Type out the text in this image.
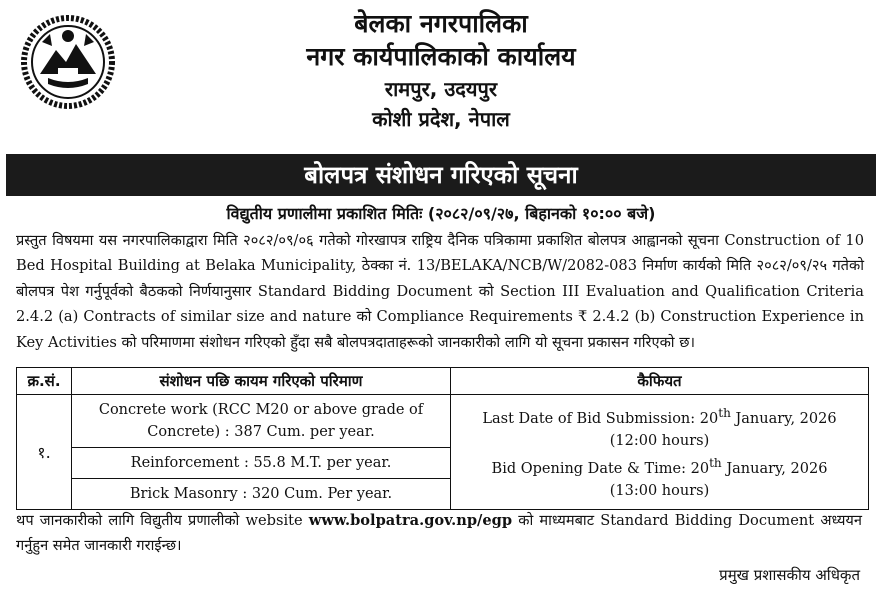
बेलका नगरपालिका
नगर कार्यपालिकाको कार्यालय
रामपुर, उदयपुर
कोशी प्रदेश, नेपाल
बोलपत्र संशोधन गरिएको सूचना
विद्युतीय प्रणालीमा प्रकाशित मितिः (२०८२/०९/२७, बिहानको १०:०० बजे)
प्रस्तुत विषयमा यस नगरपालिकाद्वारा मिति २०८२/०९/०६ गतेको गोरखापत्र राष्ट्रिय दैनिक पत्रिकामा प्रकाशित बोलपत्र आह्वानको सूचना Construction of 10 Bed Hospital Building at Belaka Municipality, ठेक्का नं. 13/BELAKA/NCB/W/2082-083 निर्माण कार्यको मिति २०८२/०९/२५ गतेको बोलपत्र पेश गर्नुपूर्वको बैठकको निर्णयानुसार Standard Bidding Document को Section III Evaluation and Qualification Criteria 2.4.2 (a) Contracts of similar size and nature को Compliance Requirements ₹ 2.4.2 (b) Construction Experience in Key Activities को परिमाणमा संशोधन गरिएको हुँदा सबै बोलपत्रदाताहरूको जानकारीको लागि यो सूचना प्रकासन गरिएको छ।
क्र.सं.	संशोधन पछि कायम गरिएको परिमाण	कैफियत
१.	Concrete work (RCC M20 or above grade of Concrete) : 387 Cum. per year.	Last Date of Bid Submission: 20th January, 2026
(12:00 hours)
Bid Opening Date & Time: 20th January, 2026
(13:00 hours)

	Reinforcement : 55.8 M.T. per year.	
	Brick Masonry : 320 Cum. Per year.	
थप जानकारीको लागि विद्युतीय प्रणालीको website www.bolpatra.gov.np/egp को माध्यमबाट Standard Bidding Document अध्ययन गर्नुहुन समेत जानकारी गराईन्छ।
प्रमुख प्रशासकीय अधिकृत
